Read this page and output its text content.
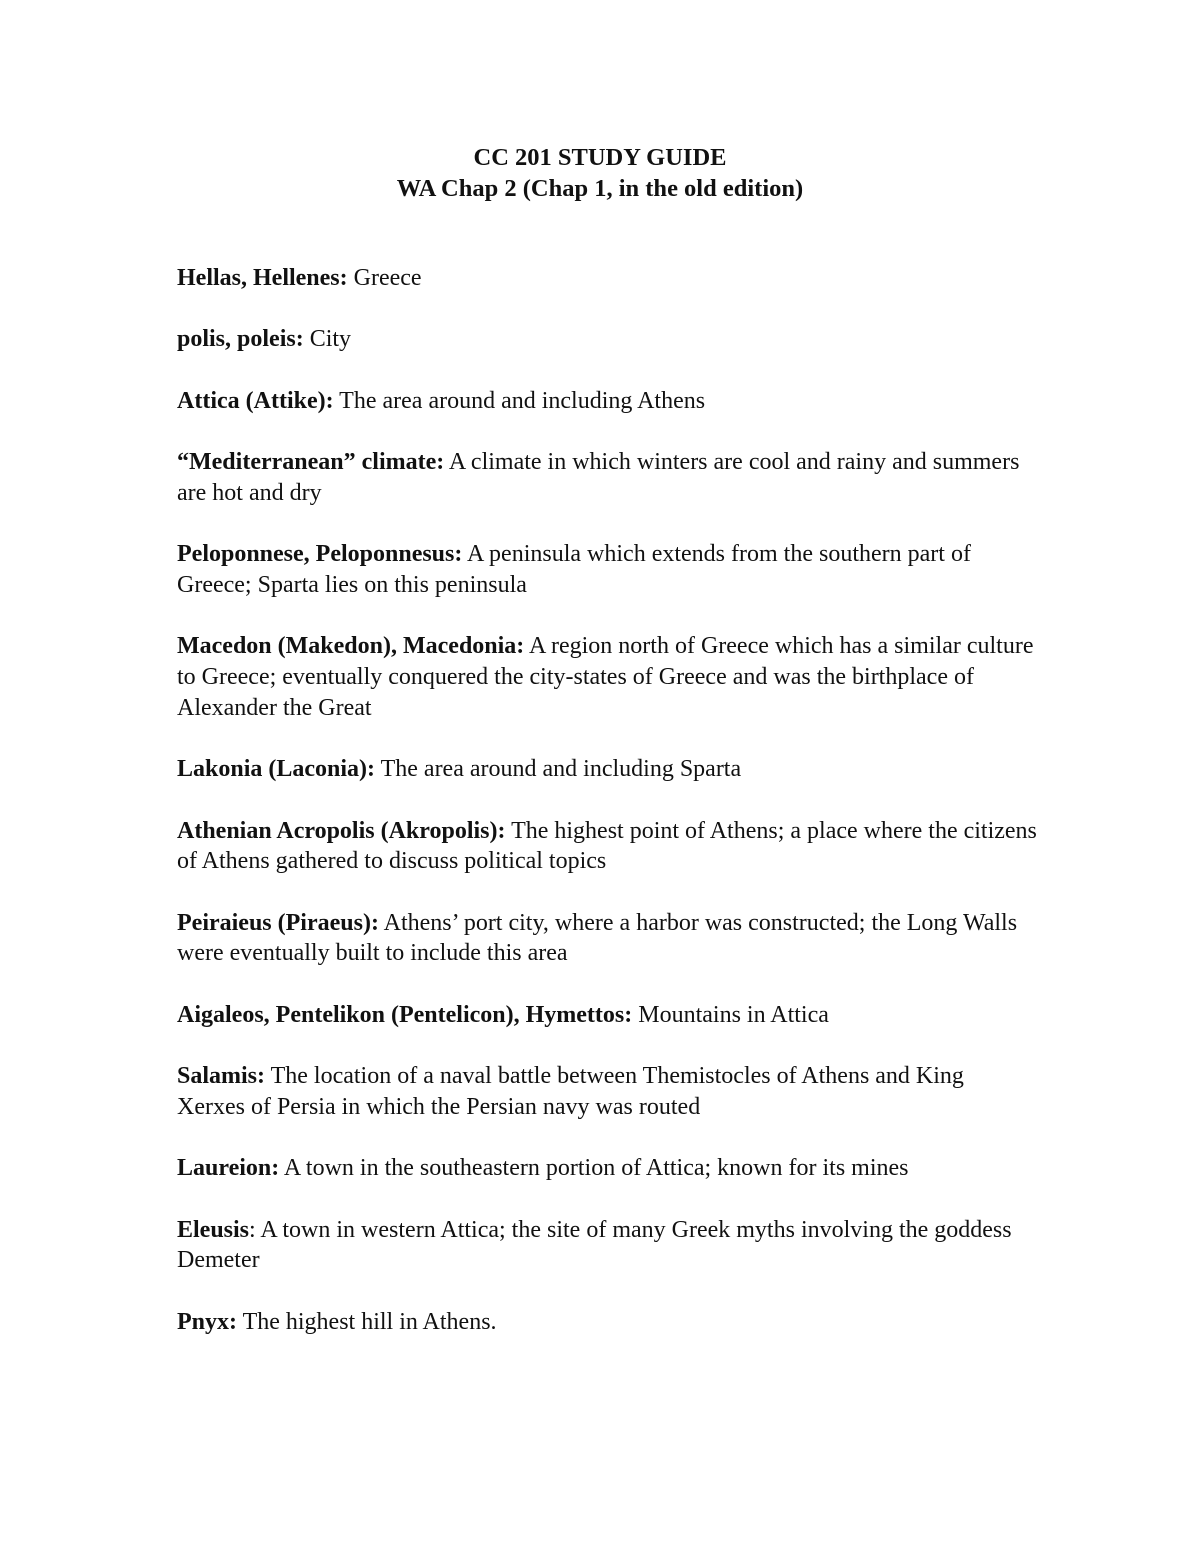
CC 201 STUDY GUIDE
WA Chap 2 (Chap 1, in the old edition)

Hellas, Hellenes: Greece

polis, poleis: City

Attica (Attike): The area around and including Athens

“Mediterranean” climate: A climate in which winters are cool and rainy and summers are hot and dry

Peloponnese, Peloponnesus: A peninsula which extends from the southern part of Greece; Sparta lies on this peninsula

Macedon (Makedon), Macedonia: A region north of Greece which has a similar culture to Greece; eventually conquered the city-states of Greece and was the birthplace of Alexander the Great

Lakonia (Laconia): The area around and including Sparta

Athenian Acropolis (Akropolis): The highest point of Athens; a place where the citizens of Athens gathered to discuss political topics

Peiraieus (Piraeus): Athens’ port city, where a harbor was constructed; the Long Walls were eventually built to include this area

Aigaleos, Pentelikon (Pentelicon), Hymettos: Mountains in Attica

Salamis: The location of a naval battle between Themistocles of Athens and King Xerxes of Persia in which the Persian navy was routed

Laureion: A town in the southeastern portion of Attica; known for its mines

Eleusis: A town in western Attica; the site of many Greek myths involving the goddess Demeter

Pnyx: The highest hill in Athens.
